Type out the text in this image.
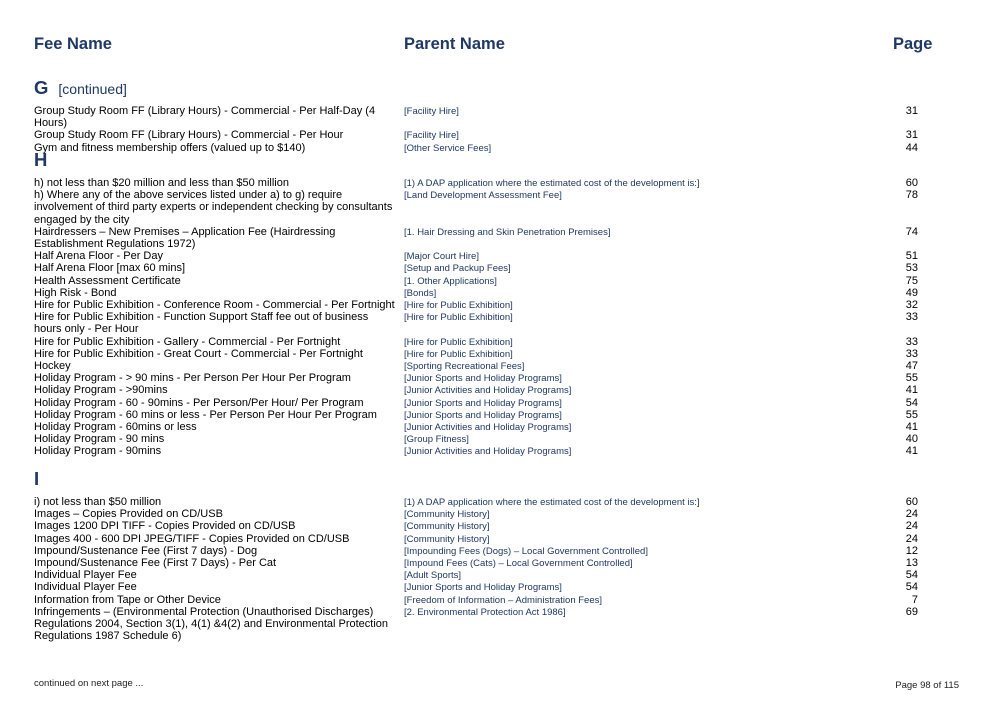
Fee Name	Parent Name	Page
G [continued]
Group Study Room FF (Library Hours) - Commercial - Per Half-Day (4 Hours)
[Facility Hire]	31
Group Study Room FF (Library Hours) - Commercial - Per Hour	[Facility Hire]	31
Gym and fitness membership offers (valued up to $140)	[Other Service Fees]	44
H
h) not less than $20 million and less than $50 million	[1) A DAP application where the estimated cost of the development is:]	60
h) Where any of the above services listed under a) to g) require involvement of third party experts or independent checking by consultants engaged by the city
[Land Development Assessment Fee]	78
Hairdressers – New Premises – Application Fee (Hairdressing Establishment Regulations 1972)
[1. Hair Dressing and Skin Penetration Premises]	74
Half Arena Floor - Per Day	[Major Court Hire]	51
Half Arena Floor [max 60 mins]	[Setup and Packup Fees]	53
Health Assessment Certificate	[1. Other Applications]	75
High Risk - Bond	[Bonds]	49
Hire for Public Exhibition - Conference Room - Commercial - Per Fortnight [Hire for Public Exhibition]	32
Hire for Public Exhibition - Function Support Staff fee out of business hours only - Per Hour
[Hire for Public Exhibition]	33
Hire for Public Exhibition - Gallery - Commercial - Per Fortnight	[Hire for Public Exhibition]	33
Hire for Public Exhibition - Great Court - Commercial - Per Fortnight	[Hire for Public Exhibition]	33
Hockey	[Sporting Recreational Fees]	47
Holiday Program - > 90 mins - Per Person Per Hour Per Program	[Junior Sports and Holiday Programs]	55
Holiday Program - >90mins	[Junior Activities and Holiday Programs]	41
Holiday Program - 60 - 90mins - Per Person/Per Hour/ Per Program	[Junior Sports and Holiday Programs]	54
Holiday Program - 60 mins or less - Per Person Per Hour Per Program	[Junior Sports and Holiday Programs]	55
Holiday Program - 60mins or less	[Junior Activities and Holiday Programs]	41
Holiday Program - 90 mins	[Group Fitness]	40
Holiday Program - 90mins	[Junior Activities and Holiday Programs]	41
I
i) not less than $50 million	[1) A DAP application where the estimated cost of the development is:]	60
Images – Copies Provided on CD/USB	[Community History]	24
Images 1200 DPI TIFF - Copies Provided on CD/USB	[Community History]	24
Images 400 - 600 DPI JPEG/TIFF - Copies Provided on CD/USB	[Community History]	24
Impound/Sustenance Fee (First 7 days) - Dog	[Impounding Fees (Dogs) – Local Government Controlled]	12
Impound/Sustenance Fee (First 7 Days) - Per Cat	[Impound Fees (Cats) – Local Government Controlled]	13
Individual Player Fee	[Adult Sports]	54
Individual Player Fee	[Junior Sports and Holiday Programs]	54
Information from Tape or Other Device	[Freedom of Information – Administration Fees]	7
Infringements – (Environmental Protection (Unauthorised Discharges) Regulations 2004, Section 3(1), 4(1) &4(2) and Environmental Protection Regulations 1987 Schedule 6)
[2. Environmental Protection Act 1986]	69
continued on next page ...	Page 98 of 115
